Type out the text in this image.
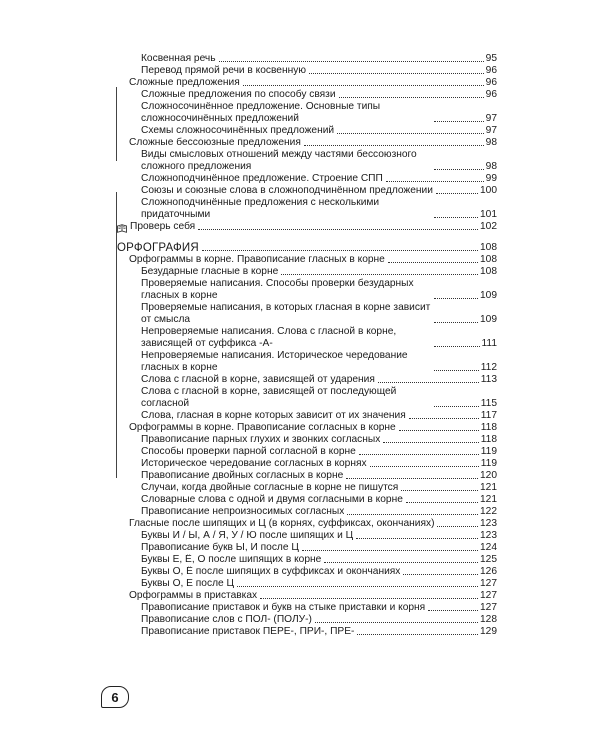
Косвенная речь	95
Перевод прямой речи в косвенную	96
Сложные предложения	96
Сложные предложения по способу связи	96
Сложносочинённое предложение. Основные типы сложносочинённых предложений	97
Схемы сложносочинённых предложений	97
Сложные бессоюзные предложения	98
Виды смысловых отношений между частями бессоюзного сложного предложения	98
Сложноподчинённое предложение. Строение СПП	99
Союзы и союзные слова в сложноподчинённом предложении	100
Сложноподчинённые предложения с несколькими придаточными	101
Проверь себя	102
ОРФОГРАФИЯ	108
Орфограммы в корне. Правописание гласных в корне	108
Безударные гласные в корне	108
Проверяемые написания. Способы проверки безударных гласных в корне	109
Проверяемые написания, в которых гласная в корне зависит от смысла	109
Непроверяемые написания. Слова с гласной в корне, зависящей от суффикса -А-	111
Непроверяемые написания. Историческое чередование гласных в корне	112
Слова с гласной в корне, зависящей от ударения	113
Слова с гласной в корне, зависящей от последующей согласной	115
Слова, гласная в корне которых зависит от их значения	117
Орфограммы в корне. Правописание согласных в корне	118
Правописание парных глухих и звонких согласных	118
Способы проверки парной согласной в корне	119
Историческое чередование согласных в корнях	119
Правописание двойных согласных в корне	120
Случаи, когда двойные согласные в корне не пишутся	121
Словарные слова с одной и двумя согласными в корне	121
Правописание непроизносимых согласных	122
Гласные после шипящих и Ц (в корнях, суффиксах, окончаниях)	123
Буквы И / Ы, А / Я, У / Ю после шипящих и Ц	123
Правописание букв Ы, И после Ц	124
Буквы Е, Ё, О после шипящих в корне	125
Буквы О, Ё после шипящих в суффиксах и окончаниях	126
Буквы О, Е после Ц	127
Орфограммы в приставках	127
Правописание приставок и букв на стыке приставки и корня	127
Правописание слов с ПОЛ- (ПОЛУ-)	128
Правописание приставок ПЕРЕ-, ПРИ-, ПРЕ-	129
6
